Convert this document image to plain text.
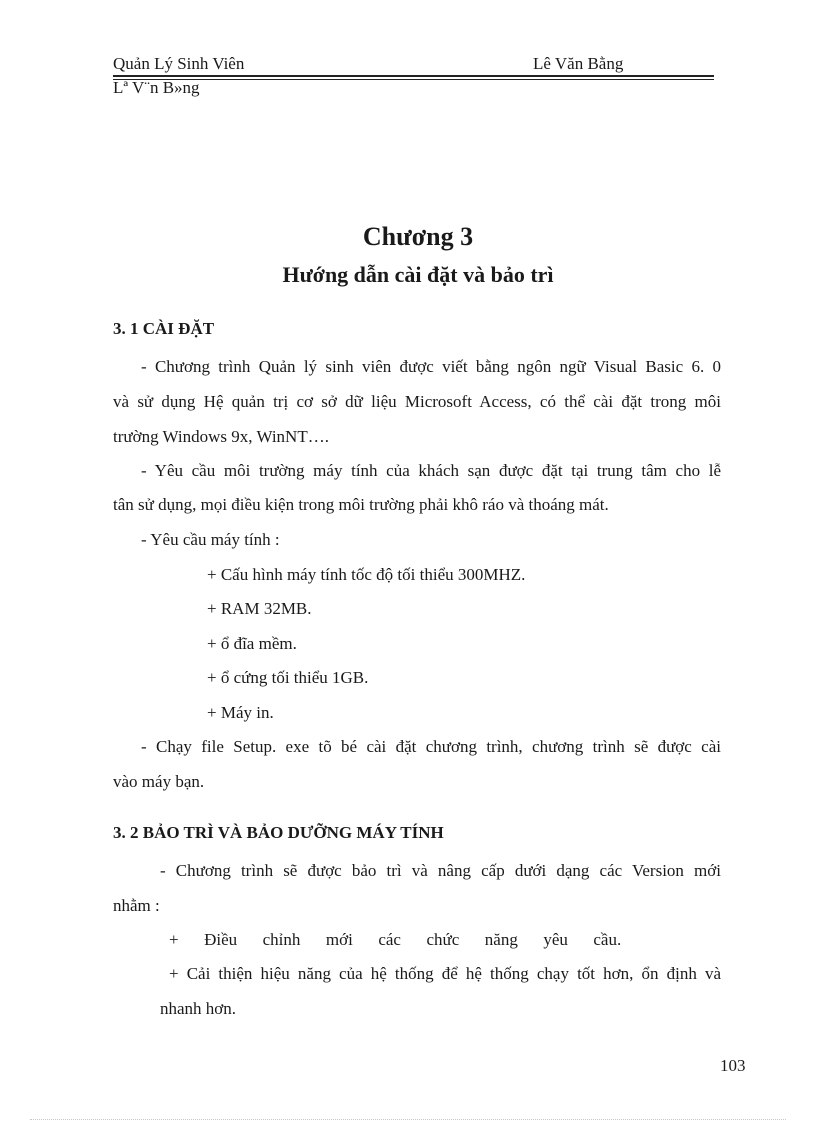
Quản Lý Sinh Viên	Lê Văn Bằng
Lª V¨n B»ng
Chương 3
Hướng dẫn cài đặt và bảo trì
3. 1 CÀI ĐẶT
- Chương trình Quản lý sinh viên được viết bằng ngôn ngữ Visual Basic 6. 0
và sử dụng Hệ quản trị cơ sở dữ liệu Microsoft Access, có thể cài đặt trong môi
trường Windows 9x, WinNT….
- Yêu cầu môi trường máy tính của khách sạn được đặt tại trung tâm cho lễ
tân sử dụng, mọi điều kiện trong môi trường phải khô ráo và thoáng mát.
- Yêu cầu máy tính :
+ Cấu hình máy tính tốc độ tối thiểu 300MHZ.
+ RAM 32MB.
+ ổ đĩa mềm.
+ ổ cứng tối thiểu 1GB.
+ Máy in.
- Chạy file Setup. exe tõ bé cài đặt chương trình, chương trình sẽ được cài
vào máy bạn.
3. 2 BẢO TRÌ VÀ BẢO DƯỠNG MÁY TÍNH
- Chương trình sẽ được bảo trì và nâng cấp dưới dạng các Version mới
nhằm :
+      Điều      chỉnh      mới      các      chức      năng      yêu      cầu.
+ Cải thiện hiệu năng của hệ thống để hệ thống chạy tốt hơn, ổn định và
nhanh hơn.
103
